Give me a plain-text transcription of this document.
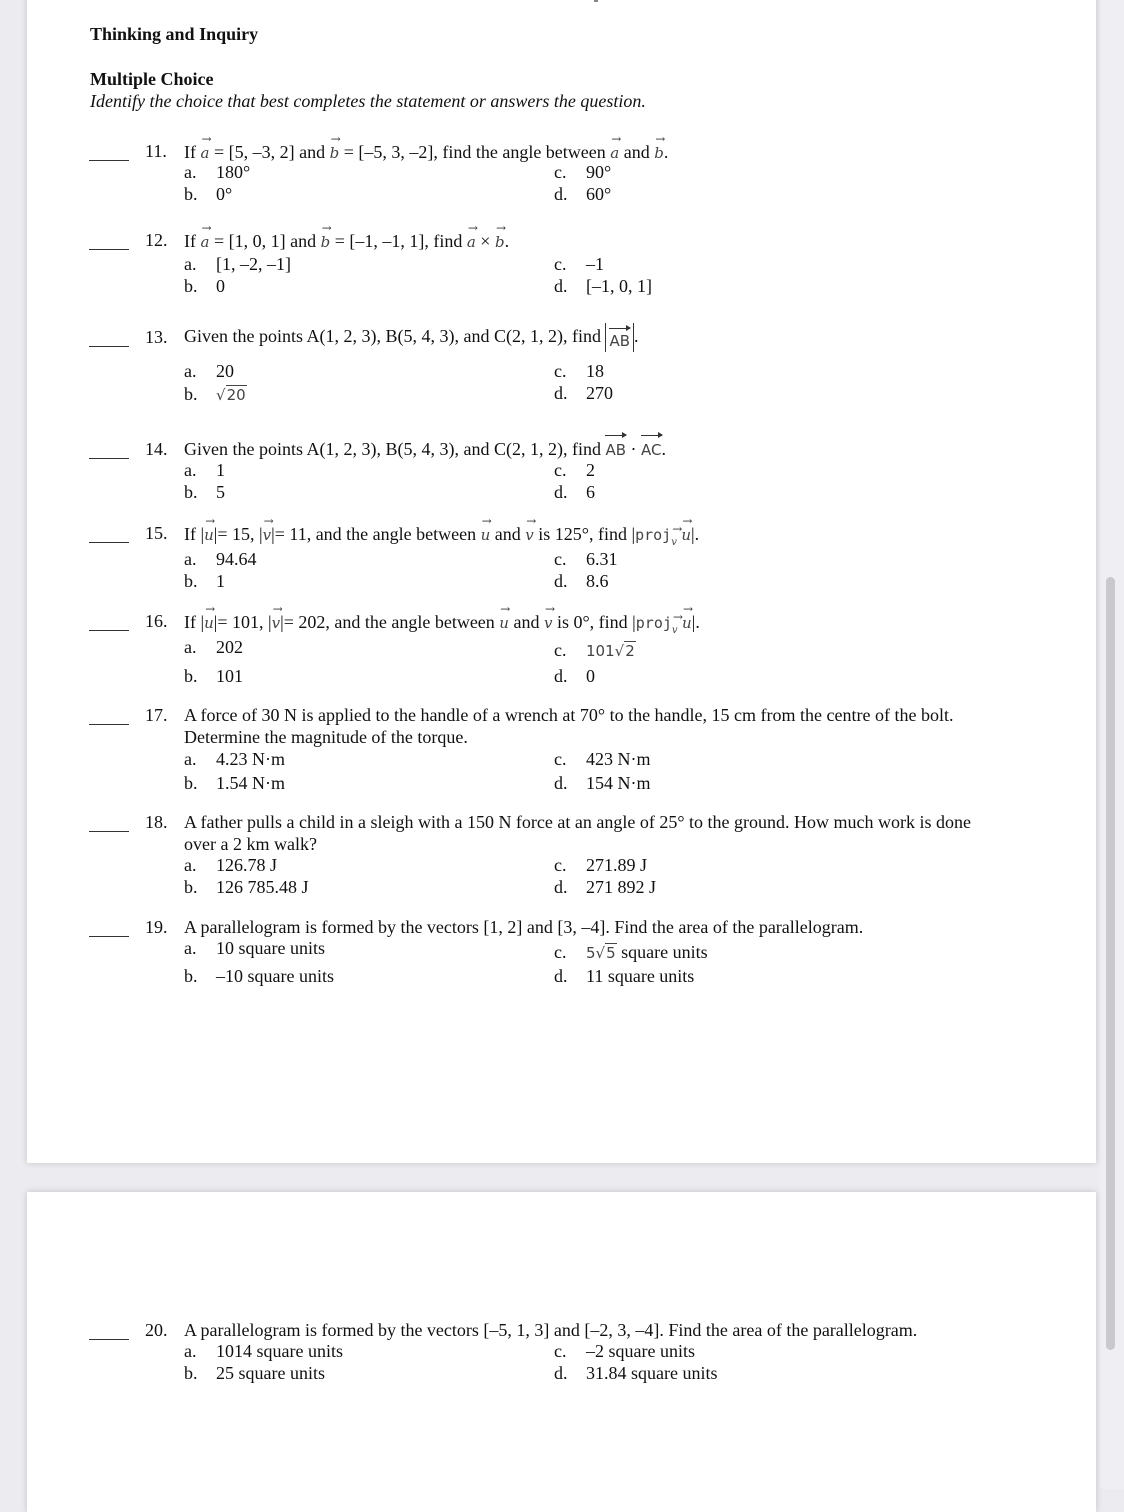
Thinking and Inquiry
Multiple Choice
Identify the choice that best completes the statement or answers the question.
11. If → a = [5, –3, 2] and → b = [–5, 3, –2], find the angle between → a and → b.
a. 180°
b. 0°
c. 90°
d. 60°
12. If → a = [1, 0, 1] and → b = [–1, –1, 1], find → a × → b.
a. [1, –2, –1]
b. 0
c. –1
d. [–1, 0, 1]
13. Given the points A(1, 2, 3), B(5, 4, 3), and C(2, 1, 2), find AB .
a. 20
b. √20
c. 18
d. 270
14. Given the points A(1, 2, 3), B(5, 4, 3), and C(2, 1, 2), find AB · AC.
a. 1
b. 5
c. 2
d. 6
15. If |→ u|= 15, |→ v|= 11, and the angle between → u and → v is 125°, find |proj→ $_v$ → u|.
a. 94.64
b. 1
c. 6.31
d. 8.6
16. If |→ u|= 101, |→ v|= 202, and the angle between → u and → v is 0°, find |proj→ $_v$ → u|.
a. 202
b. 101
c. 101√2
d. 0
17. A force of 30 N is applied to the handle of a wrench at 70° to the handle, 15 cm from the centre of the bolt.
Determine the magnitude of the torque.
a. 4.23 N·m
b. 1.54 N·m
c. 423 N·m
d. 154 N·m
18. A father pulls a child in a sleigh with a 150 N force at an angle of 25° to the ground. How much work is done
over a 2 km walk?
a. 126.78 J
b. 126 785.48 J
c. 271.89 J
d. 271 892 J
19. A parallelogram is formed by the vectors [1, 2] and [3, –4]. Find the area of the parallelogram.
a. 10 square units
b. –10 square units
c. 5√5 square units
d. 11 square units
20. A parallelogram is formed by the vectors [–5, 1, 3] and [–2, 3, –4]. Find the area of the parallelogram.
a. 1014 square units
b. 25 square units
c. –2 square units
d. 31.84 square units
